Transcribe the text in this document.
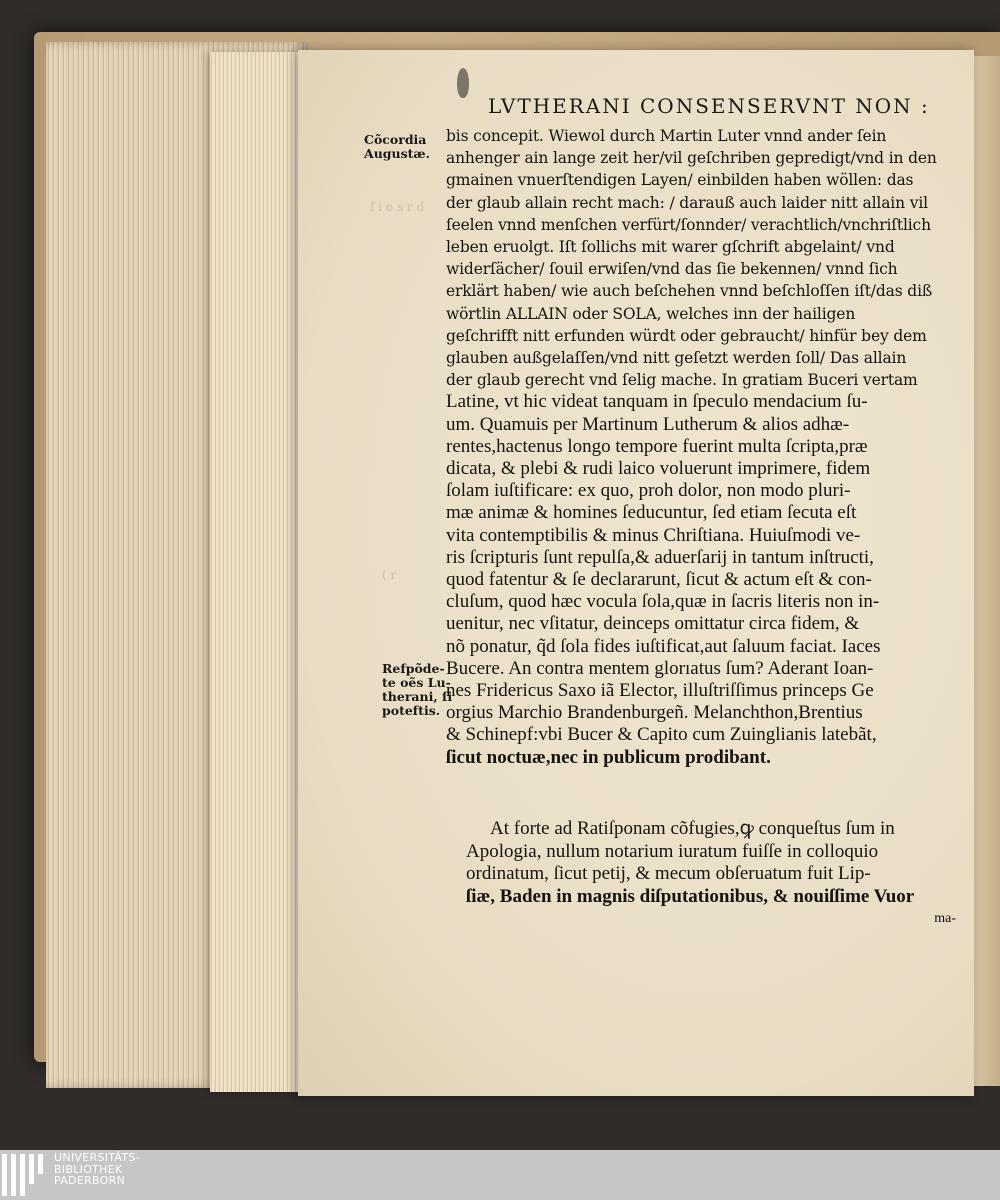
f i o s r d
( r
LVTHERANI CONSENSERVNT NON :
Cõcordia
Augustæ.
Refpõde-
te oẽs Lu-
therani, ſi
poteftis.
bis concepit. Wiewol durch Martin Luter vnnd ander ſein
anhenger ain lange zeit her/vil geſchriben gepredigt/vnd in den
gmainen vnuerſtendigen Layen/ einbilden haben wöllen: das
der glaub allain recht mach: / darauß auch laider nitt allain vil
ſeelen vnnd menſchen verfürt/ſonnder/ verachtlich/vnchriſtlich
leben eruolgt. Iſt ſollichs mit warer gſchrift abgelaint/ vnd
widerſächer/ ſouil erwiſen/vnd das ſie bekennen/ vnnd ſich
erklärt haben/ wie auch beſchehen vnnd beſchloſſen iſt/das diß
wörtlin ALLAIN oder SOLA, welches inn der hailigen
geſchrifft nitt erfunden würdt oder gebraucht/ hinfür bey dem
glauben außgelaſſen/vnd nitt geſetzt werden ſoll/ Das allain
der glaub gerecht vnd ſelig mache. In gratiam Buceri vertam
Latine, vt hic videat tanquam in ſpeculo mendacium ſu-
um. Quamuis per Martinum Lutherum & alios adhæ-
rentes,hactenus longo tempore fuerint multa ſcripta,præ
dicata, & plebi & rudi laico voluerunt imprimere, fidem
ſolam iuſtificare: ex quo, proh dolor, non modo pluri-
mæ animæ & homines ſeducuntur, ſed etiam ſecuta eſt
vita contemptibilis & minus Chriſtiana. Huiuſmodi ve-
ris ſcripturis ſunt repulſa,& aduerſarij in tantum inſtructi,
quod fatentur & ſe declararunt, ſicut & actum eſt & con-
cluſum, quod hæc vocula ſola,quæ in ſacris literis non in-
uenitur, nec vſitatur, deinceps omittatur circa fidem, &
nõ ponatur, q̃d ſola fides iuſtificat,aut ſaluum faciat. Iaces
Bucere. An contra mentem glorıatus ſum? Aderant Ioan-
nes Fridericus Saxo iã Elector, illuſtriſſimus princeps Ge
orgius Marchio Brandenburgeñ. Melanchthon,Brentius
& Schinepf:vbi Bucer & Capito cum Zuinglianis latebãt,
ſicut noctuæ,nec in publicum prodibant.
At forte ad Ratiſponam cõfugies,ꝙ conqueſtus ſum in
Apologia, nullum notarium iuratum fuiſſe in colloquio
ordinatum, ſicut petij, & mecum obſeruatum fuit Lip-
ſiæ, Baden in magnis diſputationibus, & nouiſſime Vuor
ma-
UNIVERSITÄTS-
BIBLIOTHEK
PADERBORN
